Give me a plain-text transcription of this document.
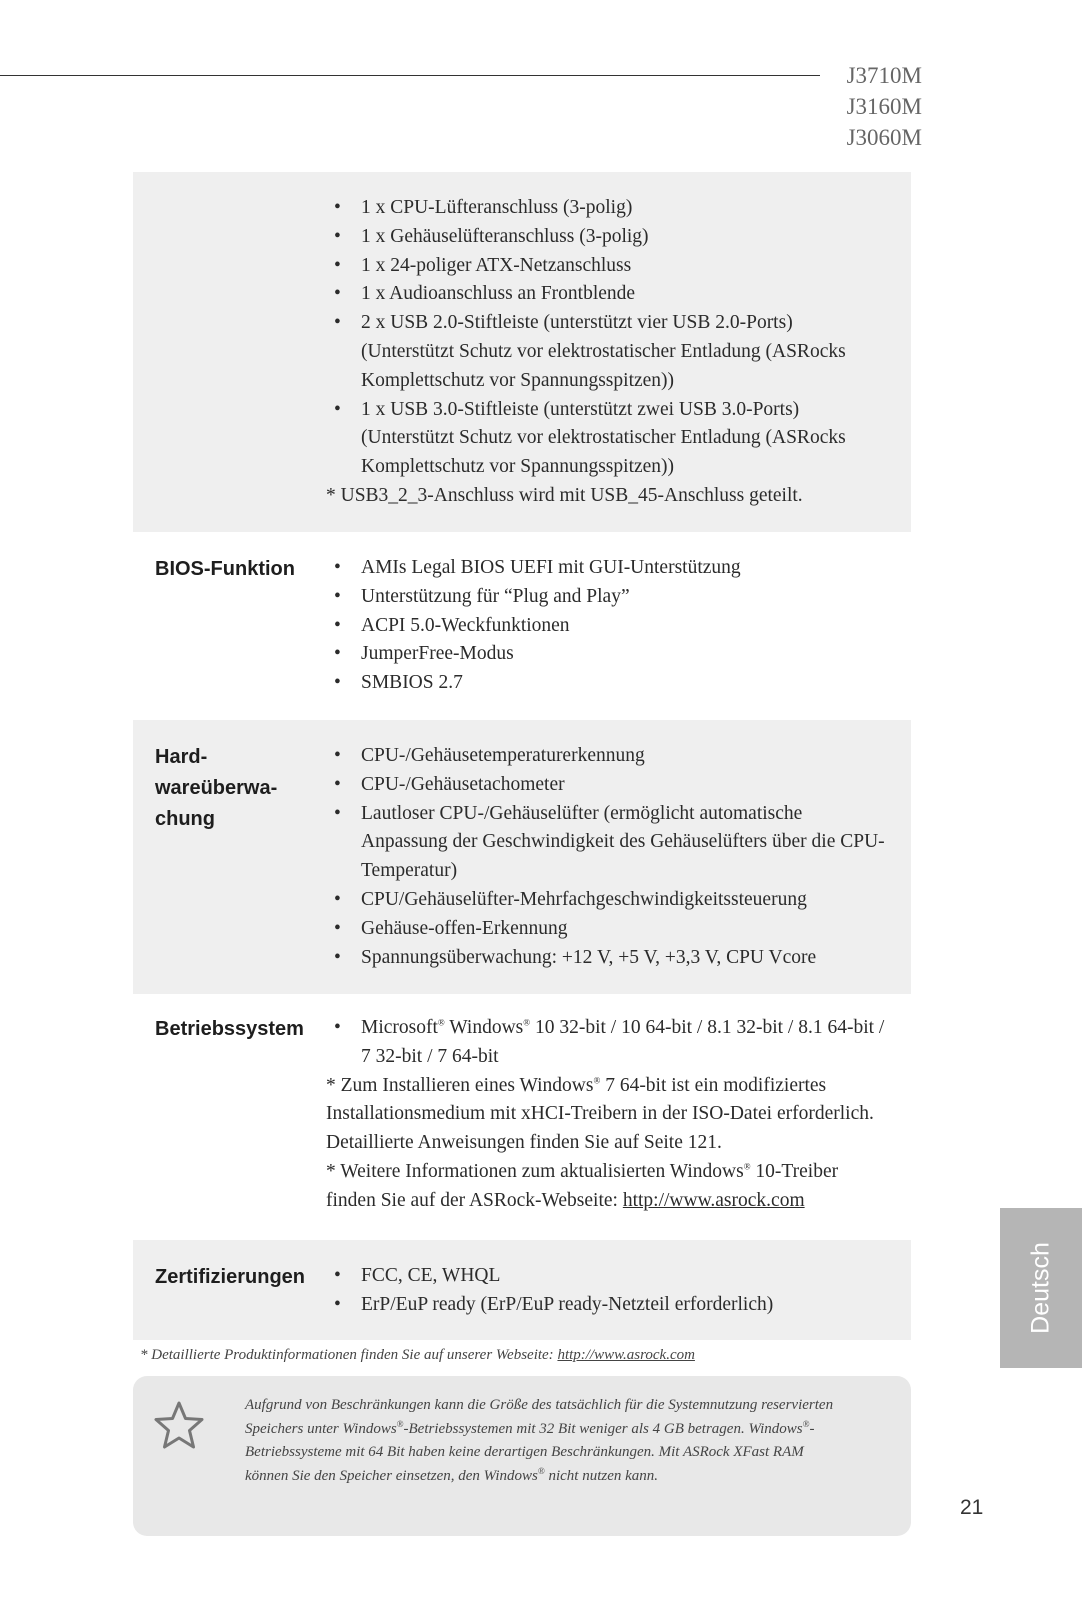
J3710M
J3160M
J3060M
• 1 x CPU-Lüfteranschluss (3-polig)
• 1 x Gehäuselüfteranschluss (3-polig)
• 1 x 24-poliger ATX-Netzanschluss
• 1 x Audioanschluss an Frontblende
• 2 x USB 2.0-Stiftleiste (unterstützt vier USB 2.0-Ports) (Unterstützt Schutz vor elektrostatischer Entladung (ASRocks Komplettschutz vor Spannungsspitzen))
• 1 x USB 3.0-Stiftleiste (unterstützt zwei USB 3.0-Ports) (Unterstützt Schutz vor elektrostatischer Entladung (ASRocks Komplettschutz vor Spannungsspitzen))

* USB3_2_3-Anschluss wird mit USB_45-Anschluss geteilt.

BIOS-Funktion	• AMIs Legal BIOS UEFI mit GUI-Unterstützung
• Unterstützung für “Plug and Play”
• ACPI 5.0-Weckfunktionen
• JumperFree-Modus
• SMBIOS 2.7
Hard-
wareüberwa-
chung
• CPU-/Gehäusetemperaturerkennung
• CPU-/Gehäusetachometer
• Lautloser CPU-/Gehäuselüfter (ermöglicht automatische Anpassung der Geschwindigkeit des Gehäuselüfters über die CPU-Temperatur)
• CPU/Gehäuselüfter-Mehrfachgeschwindigkeitssteuerung
• Gehäuse-offen-Erkennung
• Spannungsüberwachung: +12 V, +5 V, +3,3 V, CPU Vcore
Betriebssystem	• Microsoft® Windows® 10 32-bit / 10 64-bit / 8.1 32-bit / 8.1 64-bit / 7 32-bit / 7 64-bit

* Zum Installieren eines Windows® 7 64-bit ist ein modifiziertes Installationsmedium mit xHCI-Treibern in der ISO-Datei erforderlich. Detaillierte Anweisungen finden Sie auf Seite 121.

* Weitere Informationen zum aktualisierten Windows® 10-Treiber finden Sie auf der ASRock-Webseite: http://www.asrock.com

Zertifizierungen	• FCC, CE, WHQL
• ErP/EuP ready (ErP/EuP ready-Netzteil erforderlich)
* Detaillierte Produktinformationen finden Sie auf unserer Webseite: http://www.asrock.com
Aufgrund von Beschränkungen kann die Größe des tatsächlich für die Systemnutzung reservierten Speichers unter Windows®-Betriebssystemen mit 32 Bit weniger als 4 GB betragen. Windows®-Betriebssysteme mit 64 Bit haben keine derartigen Beschränkungen. Mit ASRock XFast RAM können Sie den Speicher einsetzen, den Windows® nicht nutzen kann.
Deutsch
21
